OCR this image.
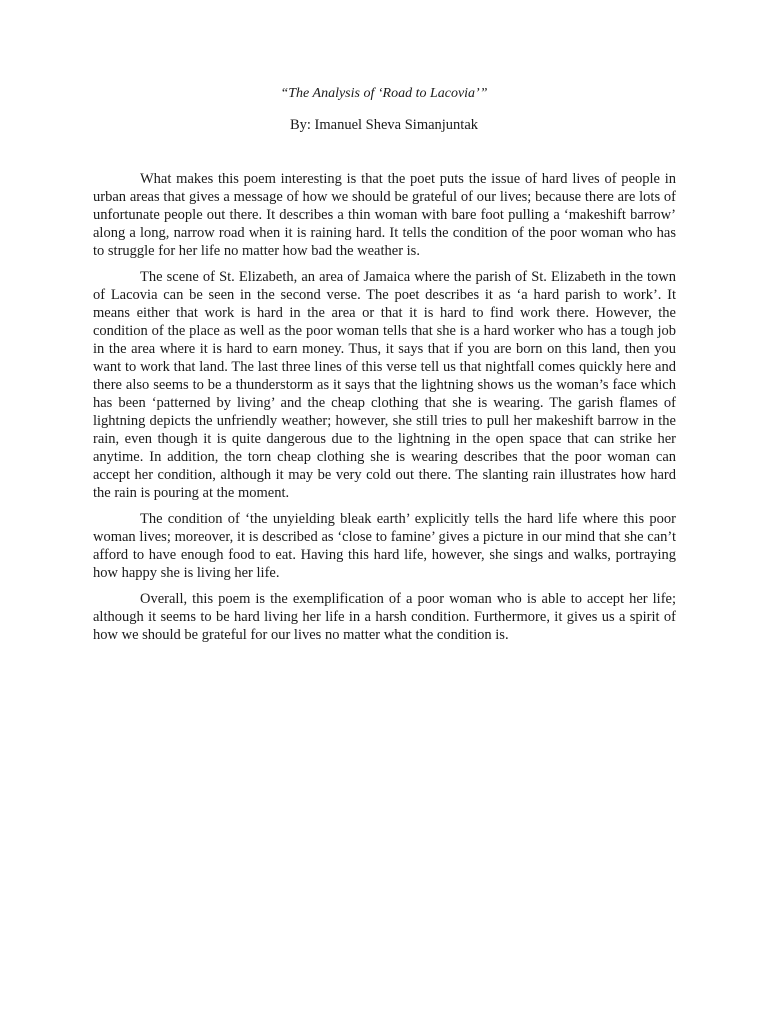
“The Analysis of ‘Road to Lacovia’”
By: Imanuel Sheva Simanjuntak

What makes this poem interesting is that the poet puts the issue of hard lives of people in urban areas that gives a message of how we should be grateful of our lives; because there are lots of unfortunate people out there. It describes a thin woman with bare foot pulling a ‘makeshift barrow’ along a long, narrow road when it is raining hard. It tells the condition of the poor woman who has to struggle for her life no matter how bad the weather is.

The scene of St. Elizabeth, an area of Jamaica where the parish of St. Elizabeth in the town of Lacovia can be seen in the second verse. The poet describes it as ‘a hard parish to work’. It means either that work is hard in the area or that it is hard to find work there. However, the condition of the place as well as the poor woman tells that she is a hard worker who has a tough job in the area where it is hard to earn money. Thus, it says that if you are born on this land, then you want to work that land. The last three lines of this verse tell us that nightfall comes quickly here and there also seems to be a thunderstorm as it says that the lightning shows us the woman’s face which has been ‘patterned by living’ and the cheap clothing that she is wearing. The garish flames of lightning depicts the unfriendly weather; however, she still tries to pull her makeshift barrow in the rain, even though it is quite dangerous due to the lightning in the open space that can strike her anytime. In addition, the torn cheap clothing she is wearing describes that the poor woman can accept her condition, although it may be very cold out there. The slanting rain illustrates how hard the rain is pouring at the moment.

The condition of ‘the unyielding bleak earth’ explicitly tells the hard life where this poor woman lives; moreover, it is described as ‘close to famine’ gives a picture in our mind that she can’t afford to have enough food to eat. Having this hard life, however, she sings and walks, portraying how happy she is living her life.

Overall, this poem is the exemplification of a poor woman who is able to accept her life; although it seems to be hard living her life in a harsh condition. Furthermore, it gives us a spirit of how we should be grateful for our lives no matter what the condition is.
